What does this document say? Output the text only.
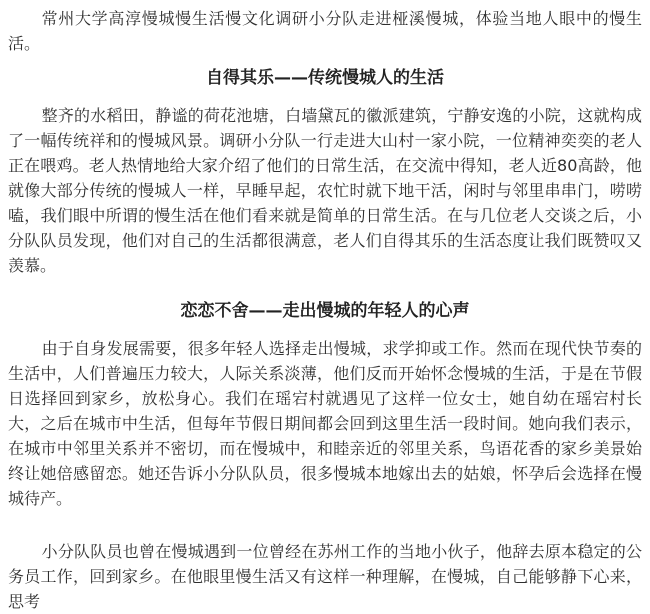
常州大学高淳慢城慢生活慢文化调研小分队走进桠溪慢城，体验当地人眼中的慢生活。

自得其乐——传统慢城人的生活

整齐的水稻田，静谧的荷花池塘，白墙黛瓦的徽派建筑，宁静安逸的小院，这就构成了一幅传统祥和的慢城风景。调研小分队一行走进大山村一家小院，一位精神奕奕的老人正在喂鸡。老人热情地给大家介绍了他们的日常生活，在交流中得知，老人近80高龄，他就像大部分传统的慢城人一样，早睡早起，农忙时就下地干活，闲时与邻里串串门，唠唠嗑，我们眼中所谓的慢生活在他们看来就是简单的日常生活。在与几位老人交谈之后，小分队队员发现，他们对自己的生活都很满意，老人们自得其乐的生活态度让我们既赞叹又羡慕。

恋恋不舍——走出慢城的年轻人的心声

由于自身发展需要，很多年轻人选择走出慢城，求学抑或工作。然而在现代快节奏的生活中，人们普遍压力较大，人际关系淡薄，他们反而开始怀念慢城的生活，于是在节假日选择回到家乡，放松身心。我们在瑶宕村就遇见了这样一位女士，她自幼在瑶宕村长大，之后在城市中生活，但每年节假日期间都会回到这里生活一段时间。她向我们表示，在城市中邻里关系并不密切，而在慢城中，和睦亲近的邻里关系，鸟语花香的家乡美景始终让她倍感留恋。她还告诉小分队队员，很多慢城本地嫁出去的姑娘，怀孕后会选择在慢城待产。

小分队队员也曾在慢城遇到一位曾经在苏州工作的当地小伙子，他辞去原本稳定的公务员工作，回到家乡。在他眼里慢生活又有这样一种理解，在慢城，自己能够静下心来，思考
